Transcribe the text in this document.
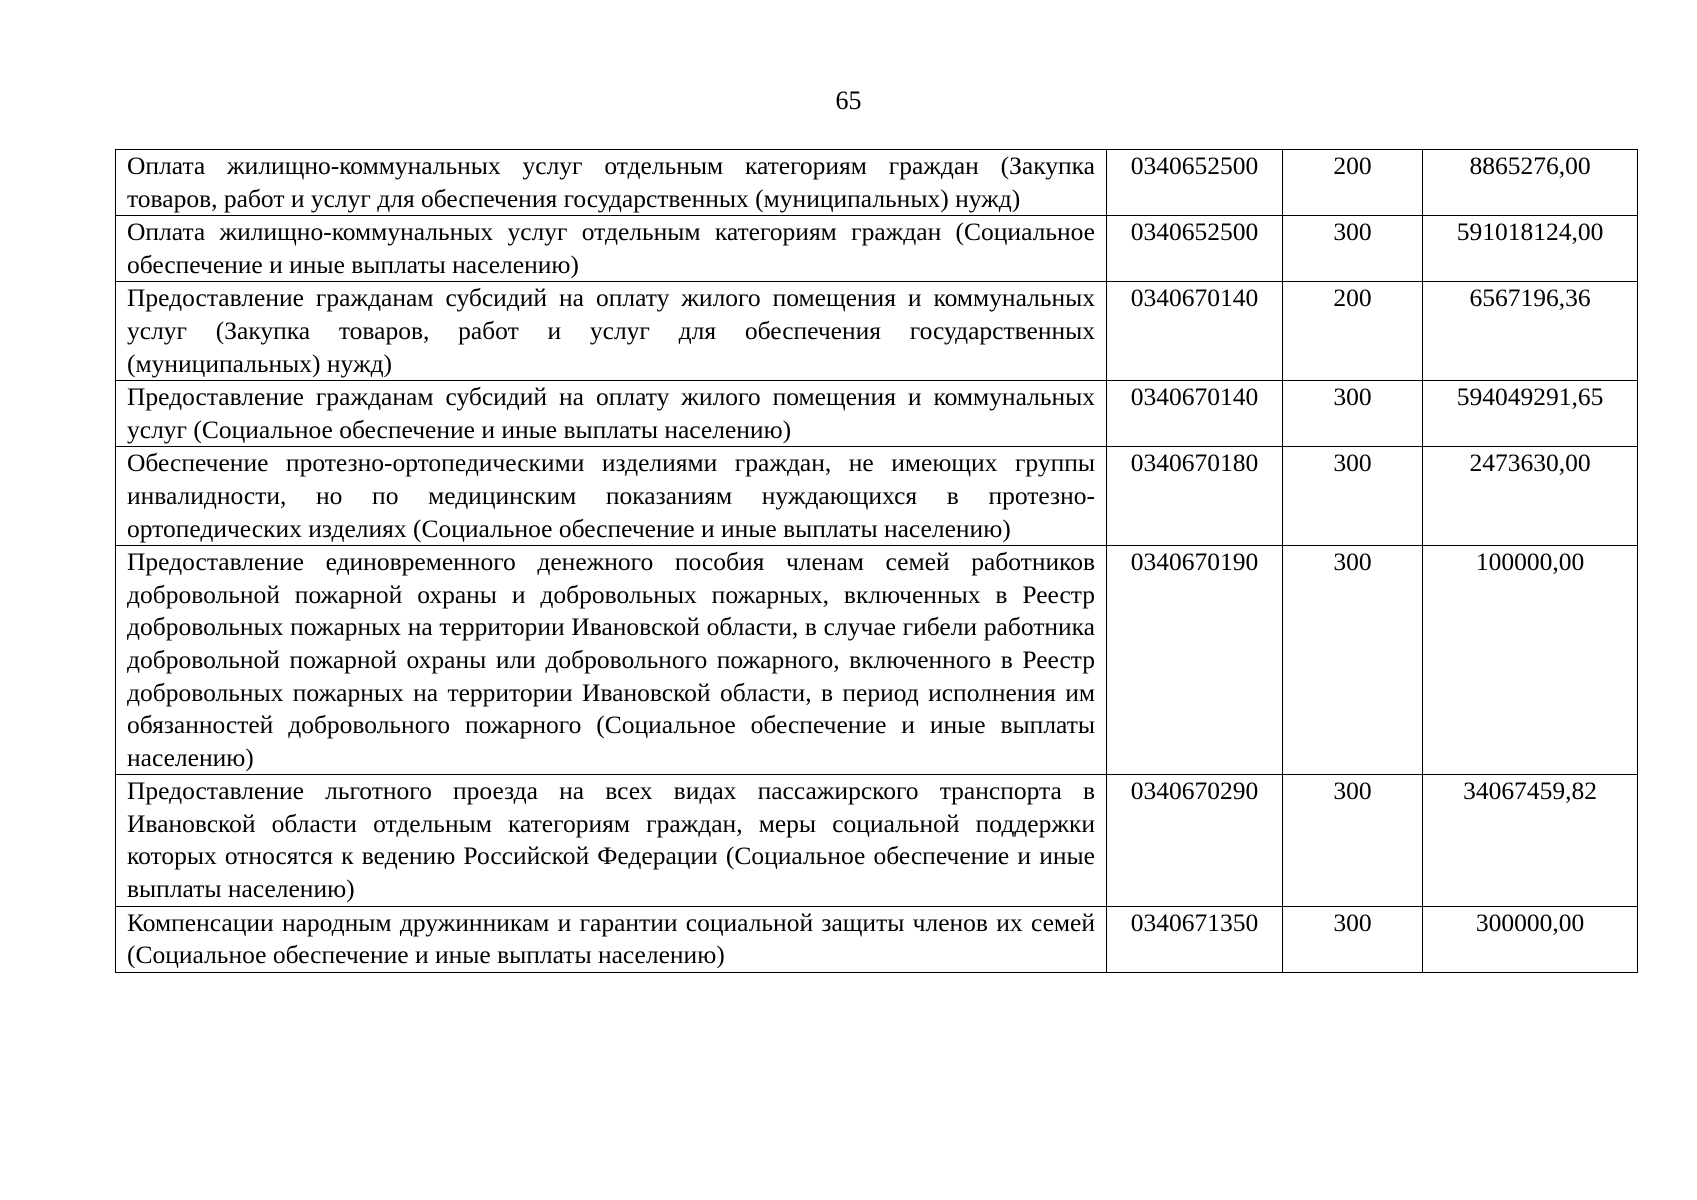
65
Оплата жилищно-коммунальных услуг отдельным категориям граждан (Закупка товаров, работ и услуг для обеспечения государственных (муниципальных) нужд)	0340652500	200	8865276,00
Оплата жилищно-коммунальных услуг отдельным категориям граждан (Социальное обеспечение и иные выплаты населению)	0340652500	300	591018124,00
Предоставление гражданам субсидий на оплату жилого помещения и коммунальных услуг (Закупка товаров, работ и услуг для обеспечения государственных (муниципальных) нужд)	0340670140	200	6567196,36
Предоставление гражданам субсидий на оплату жилого помещения и коммунальных услуг (Социальное обеспечение и иные выплаты населению)	0340670140	300	594049291,65
Обеспечение протезно-ортопедическими изделиями граждан, не имеющих группы инвалидности, но по медицинским показаниям нуждающихся в протезно-ортопедических изделиях (Социальное обеспечение и иные выплаты населению)	0340670180	300	2473630,00
Предоставление единовременного денежного пособия членам семей работников добровольной пожарной охраны и добровольных пожарных, включенных в Реестр добровольных пожарных на территории Ивановской области, в случае гибели работника добровольной пожарной охраны или добровольного пожарного, включенного в Реестр добровольных пожарных на территории Ивановской области, в период исполнения им обязанностей добровольного пожарного (Социальное обеспечение и иные выплаты населению)	0340670190	300	100000,00
Предоставление льготного проезда на всех видах пассажирского транспорта в Ивановской области отдельным категориям граждан, меры социальной поддержки которых относятся к ведению Российской Федерации (Социальное обеспечение и иные выплаты населению)	0340670290	300	34067459,82
Компенсации народным дружинникам и гарантии социальной защиты членов их семей (Социальное обеспечение и иные выплаты населению)	0340671350	300	300000,00
